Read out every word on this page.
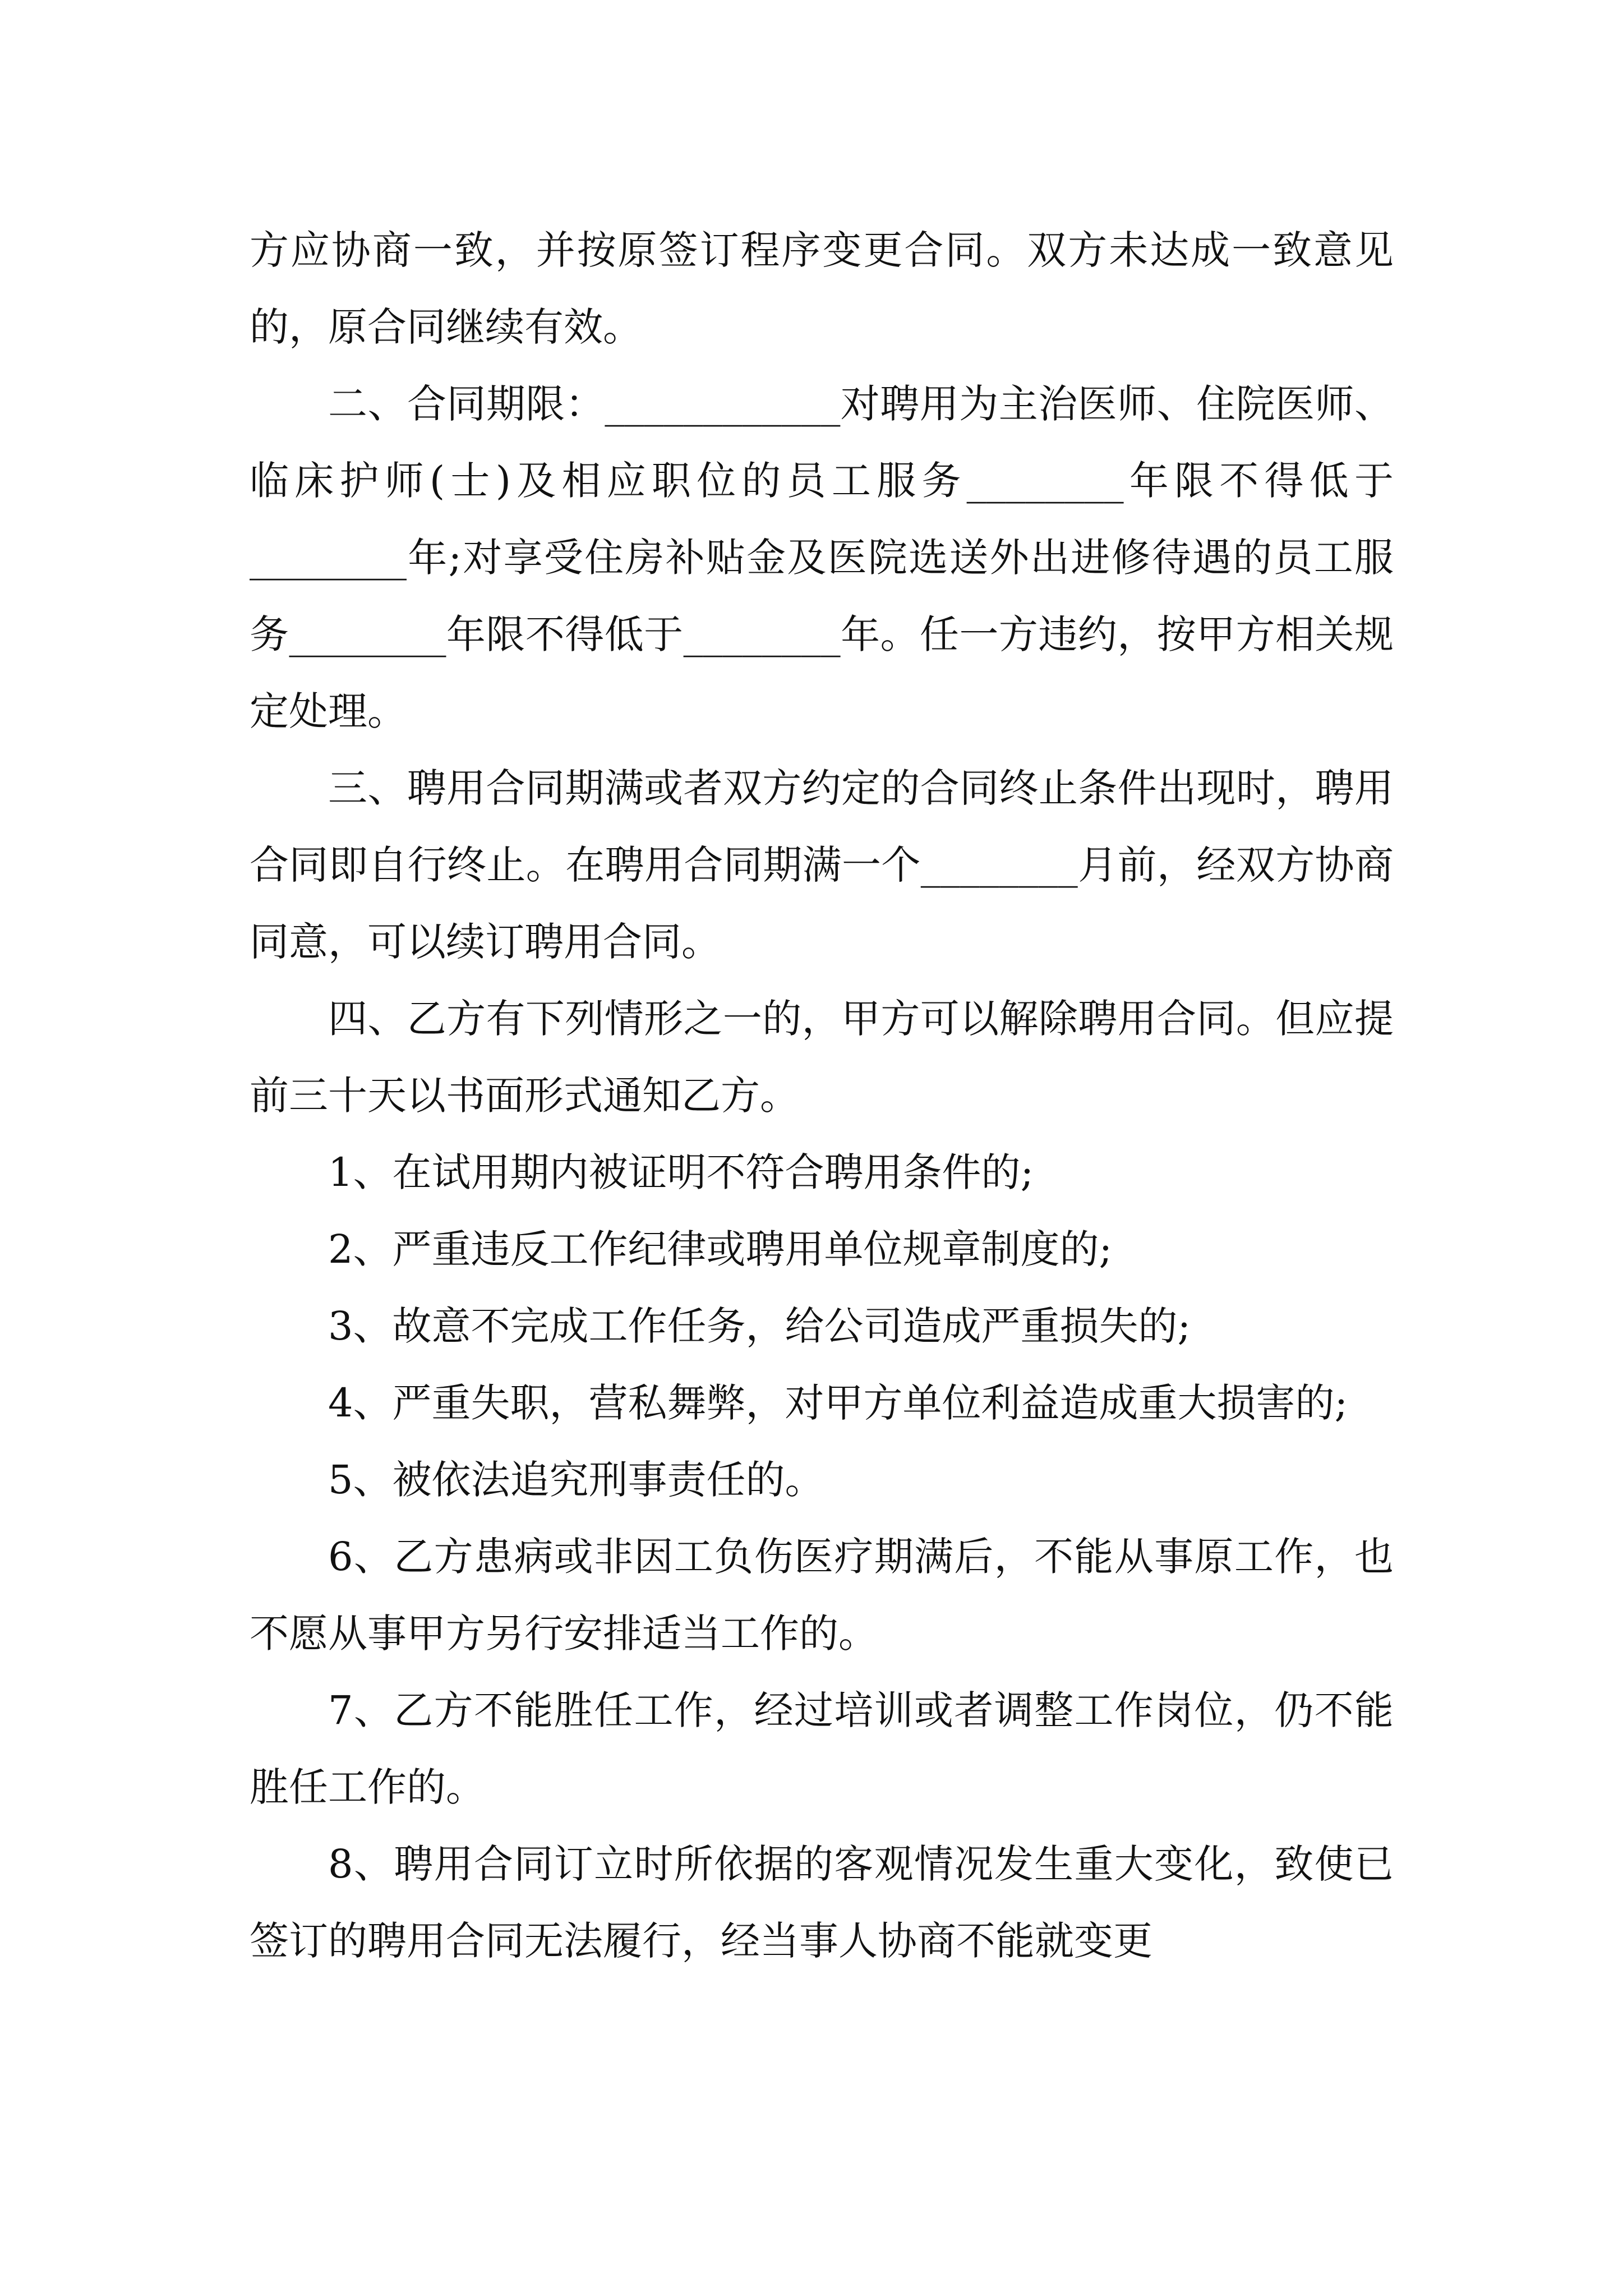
方应协商一致，并按原签订程序变更合同。双方未达成一致意见的，原合同继续有效。

二、合同期限：____________对聘用为主治医师、住院医师、临床护师(士)及相应职位的员工服务________年限不得低于________年;对享受住房补贴金及医院选送外出进修待遇的员工服务________年限不得低于________年。任一方违约，按甲方相关规定处理。

三、聘用合同期满或者双方约定的合同终止条件出现时，聘用合同即自行终止。在聘用合同期满一个________月前，经双方协商同意，可以续订聘用合同。

四、乙方有下列情形之一的，甲方可以解除聘用合同。但应提前三十天以书面形式通知乙方。

1、在试用期内被证明不符合聘用条件的;

2、严重违反工作纪律或聘用单位规章制度的;

3、故意不完成工作任务，给公司造成严重损失的;

4、严重失职，营私舞弊，对甲方单位利益造成重大损害的;

5、被依法追究刑事责任的。

6、乙方患病或非因工负伤医疗期满后，不能从事原工作，也不愿从事甲方另行安排适当工作的。

7、乙方不能胜任工作，经过培训或者调整工作岗位，仍不能胜任工作的。

8、聘用合同订立时所依据的客观情况发生重大变化，致使已签订的聘用合同无法履行，经当事人协商不能就变更
